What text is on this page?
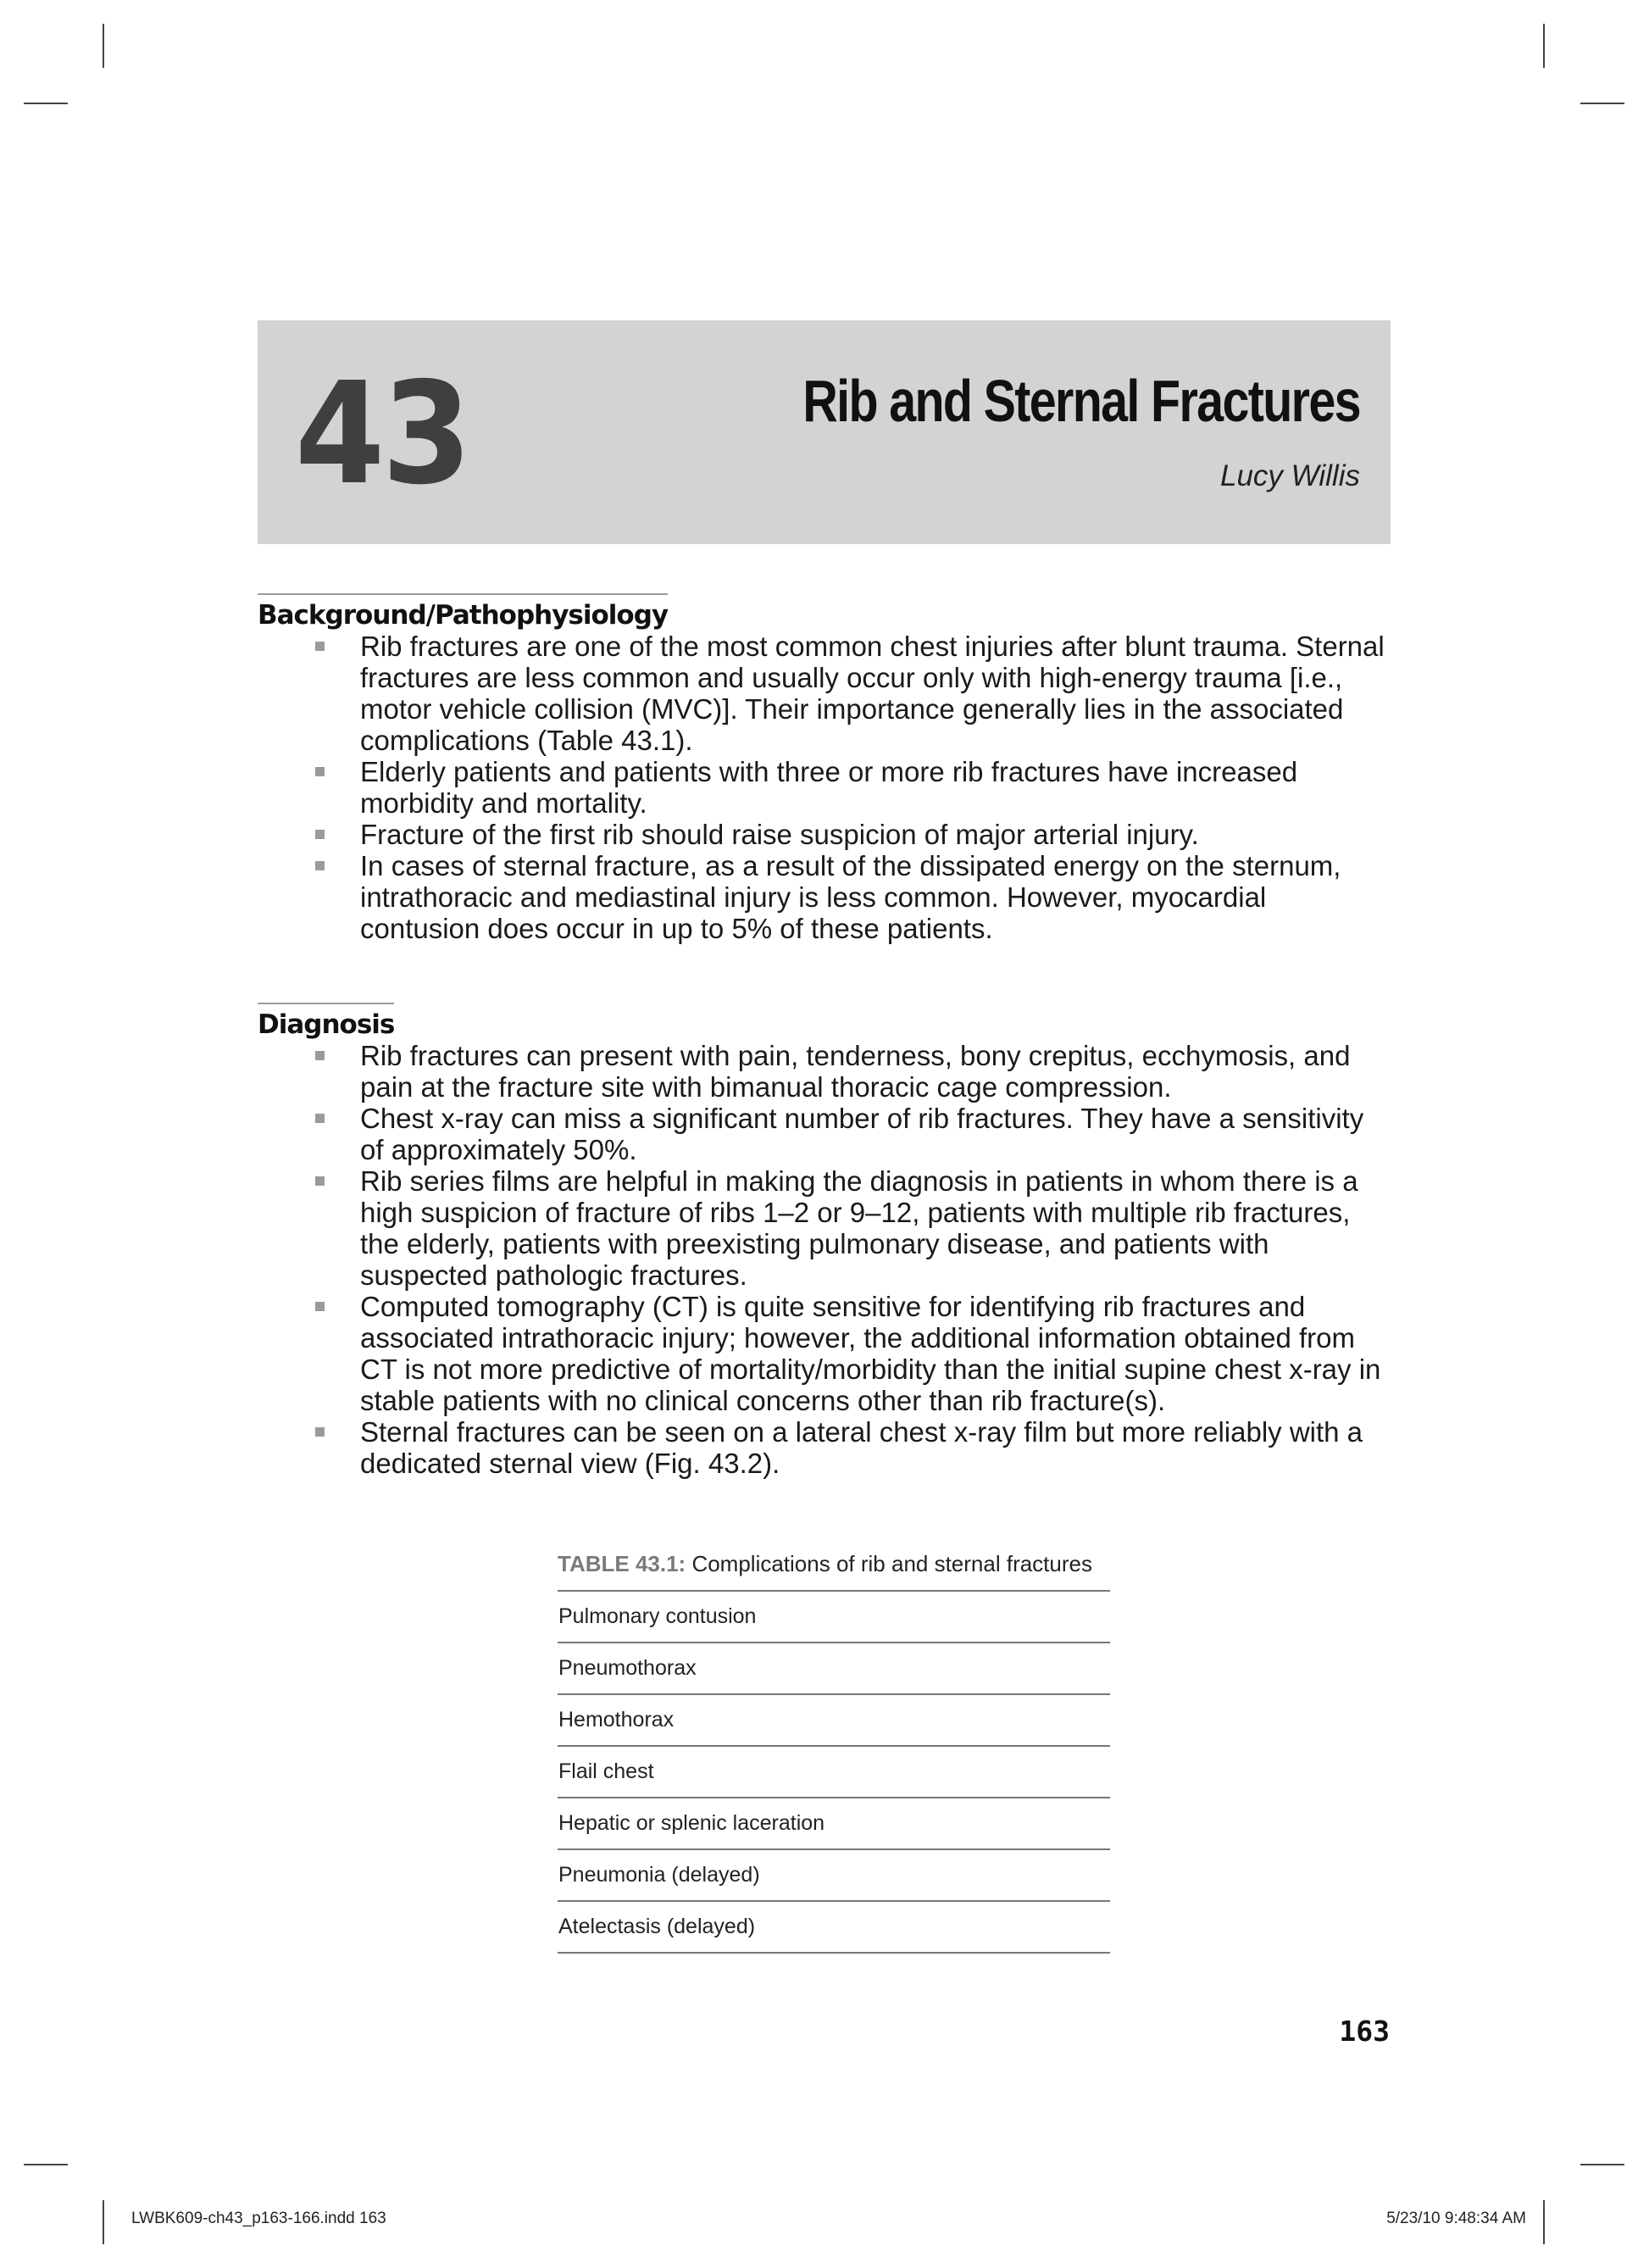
43	Rib and Sternal Fractures
Lucy Willis
Background/Pathophysiology
Rib fractures are one of the most common chest injuries after blunt trauma. Sternal fractures are less common and usually occur only with high-energy trauma [i.e., motor vehicle collision (MVC)]. Their importance generally lies in the associated complications (Table 43.1).
Elderly patients and patients with three or more rib fractures have increased morbidity and mortality.
Fracture of the first rib should raise suspicion of major arterial injury.
In cases of sternal fracture, as a result of the dissipated energy on the sternum, intrathoracic and mediastinal injury is less common. However, myocardial contusion does occur in up to 5% of these patients.
Diagnosis
Rib fractures can present with pain, tenderness, bony crepitus, ecchymosis, and pain at the fracture site with bimanual thoracic cage compression.
Chest x-ray can miss a significant number of rib fractures. They have a sensitivity of approximately 50%.
Rib series films are helpful in making the diagnosis in patients in whom there is a high suspicion of fracture of ribs 1–2 or 9–12, patients with multiple rib fractures, the elderly, patients with preexisting pulmonary disease, and patients with suspected pathologic fractures.
Computed tomography (CT) is quite sensitive for identifying rib fractures and associated intrathoracic injury; however, the additional information obtained from CT is not more predictive of mortality/morbidity than the initial supine chest x-ray in stable patients with no clinical concerns other than rib fracture(s).
Sternal fractures can be seen on a lateral chest x-ray film but more reliably with a dedicated sternal view (Fig. 43.2).
TABLE 43.1: Complications of rib and sternal fractures
Pulmonary contusion
Pneumothorax
Hemothorax
Flail chest
Hepatic or splenic laceration
Pneumonia (delayed)
Atelectasis (delayed)
163
LWBK609-ch43_p163-166.indd 163	5/23/10 9:48:34 AM
